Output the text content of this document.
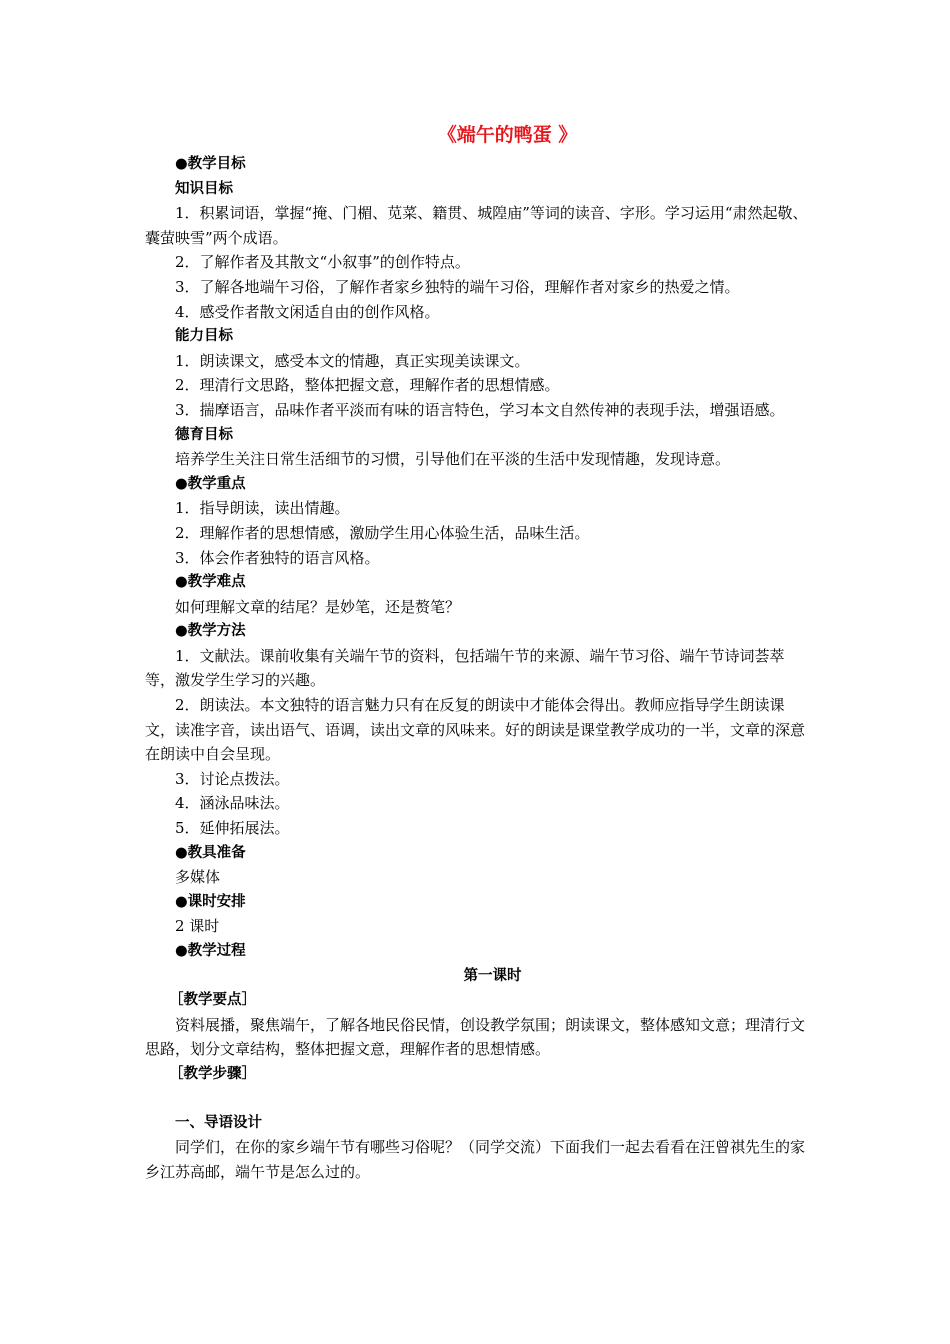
《端午的鸭蛋 》

●教学目标

知识目标

1．积累词语，掌握“掩、门楣、苋菜、籍贯、城隍庙”等词的读音、字形。学习运用“肃然起敬、囊萤映雪”两个成语。

2．了解作者及其散文“小叙事”的创作特点。

3．了解各地端午习俗，了解作者家乡独特的端午习俗，理解作者对家乡的热爱之情。

4．感受作者散文闲适自由的创作风格。

能力目标

1．朗读课文，感受本文的情趣，真正实现美读课文。

2．理清行文思路，整体把握文意，理解作者的思想情感。

3．揣摩语言，品味作者平淡而有味的语言特色，学习本文自然传神的表现手法，增强语感。

德育目标

培养学生关注日常生活细节的习惯，引导他们在平淡的生活中发现情趣，发现诗意。

●教学重点

1．指导朗读，读出情趣。

2．理解作者的思想情感，激励学生用心体验生活，品味生活。

3．体会作者独特的语言风格。

●教学难点

如何理解文章的结尾？是妙笔，还是赘笔？

●教学方法

1．文献法。课前收集有关端午节的资料，包括端午节的来源、端午节习俗、端午节诗词荟萃等，激发学生学习的兴趣。

2．朗读法。本文独特的语言魅力只有在反复的朗读中才能体会得出。教师应指导学生朗读课文，读准字音，读出语气、语调，读出文章的风味来。好的朗读是课堂教学成功的一半，文章的深意在朗读中自会呈现。

3．讨论点拨法。

4．涵泳品味法。

5．延伸拓展法。

●教具准备

多媒体

●课时安排

2 课时

●教学过程

第一课时

［教学要点］

资料展播，聚焦端午，了解各地民俗民情，创设教学氛围；朗读课文，整体感知文意；理清行文思路，划分文章结构，整体把握文意，理解作者的思想情感。

［教学步骤］

一、导语设计

同学们，在你的家乡端午节有哪些习俗呢？（同学交流）下面我们一起去看看在汪曾祺先生的家乡江苏高邮，端午节是怎么过的。
